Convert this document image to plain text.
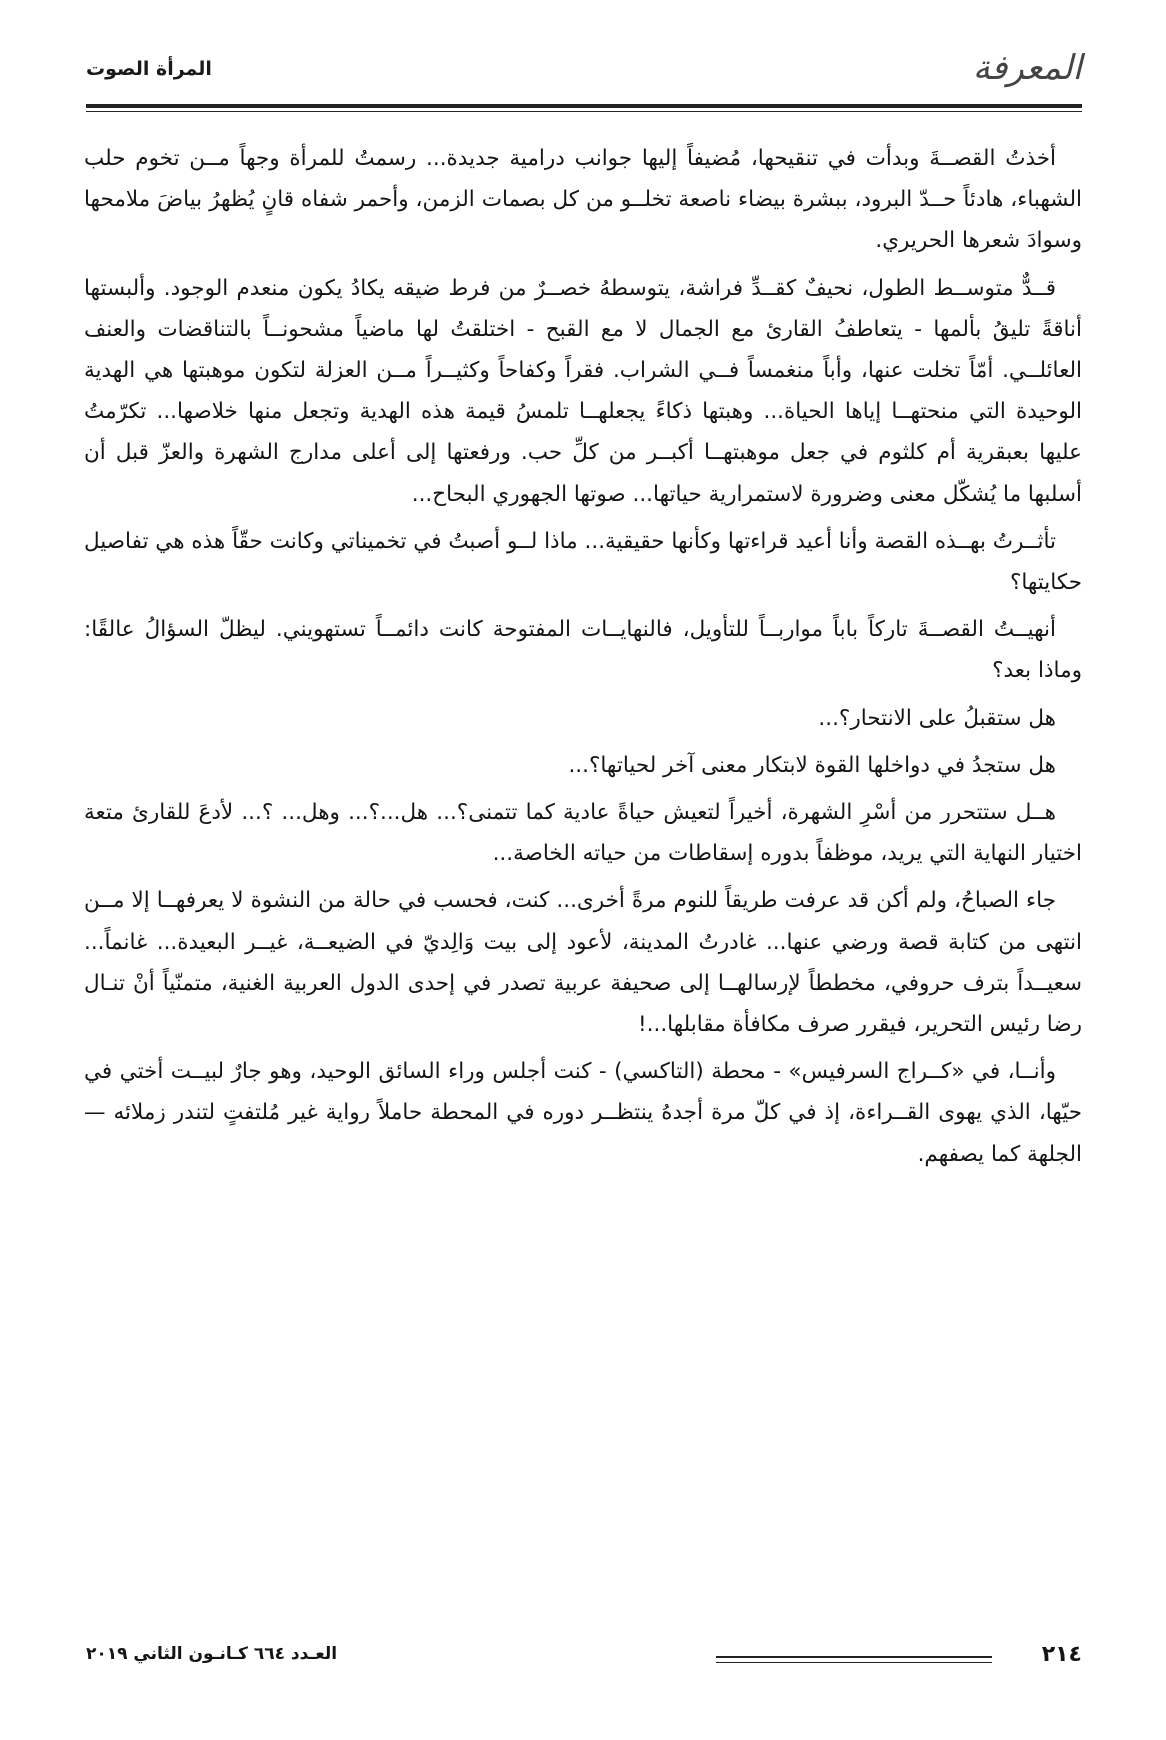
المعرفة
المرأة الصوت

أخذتُ القصــةَ وبدأت في تنقيحها، مُضيفاً إليها جوانب درامية جديدة... رسمتُ للمرأة وجهاً مــن تخوم حلب الشهباء، هادئاً حــدّ البرود، ببشرة بيضاء ناصعة تخلــو من كل بصمات الزمن، وأحمر شفاه قانٍ يُظهرُ بياضَ ملامحها وسوادَ شعرها الحريري.

قــدٌّ متوســط الطول، نحيفٌ كقــدِّ فراشة، يتوسطهُ خصــرٌ من فرط ضيقه يكادُ يكون منعدم الوجود. وألبستها أناقةً تليقُ بألمها - يتعاطفُ القارئ مع الجمال لا مع القبح - اختلقتُ لها ماضياً مشحونــاً بالتناقضات والعنف العائلــي. أمّاً تخلت عنها، وأباً منغمساً فــي الشراب. فقراً وكفاحاً وكثيــراً مــن العزلة لتكون موهبتها هي الهدية الوحيدة التي منحتهــا إياها الحياة... وهبتها ذكاءً يجعلهــا تلمسُ قيمة هذه الهدية وتجعل منها خلاصها... تكرّمتُ عليها بعبقرية أم كلثوم في جعل موهبتهــا أكبــر من كلِّ حب. ورفعتها إلى أعلى مدارج الشهرة والعزّ قبل أن أسلبها ما يُشكّل معنى وضرورة لاستمرارية حياتها... صوتها الجهوري البحاح...

تأثــرتُ بهــذه القصة وأنا أعيد قراءتها وكأنها حقيقية... ماذا لــو أصبتُ في تخميناتي وكانت حقّاً هذه هي تفاصيل حكايتها؟

أنهيــتُ القصــةَ تاركاً باباً مواربــاً للتأويل، فالنهايــات المفتوحة كانت دائمــاً تستهويني. ليظلّ السؤالُ عالقًا: وماذا بعد؟

هل ستقبلُ على الانتحار؟...

هل ستجدُ في دواخلها القوة لابتكار معنى آخر لحياتها؟...

هــل ستتحرر من أسْرِ الشهرة، أخيراً لتعيش حياةً عادية كما تتمنى؟... هل...؟... وهل... ؟... لأدعَ للقارئ متعة اختيار النهاية التي يريد، موظفاً بدوره إسقاطات من حياته الخاصة...

جاء الصباحُ، ولم أكن قد عرفت طريقاً للنوم مرةً أخرى... كنت، فحسب في حالة من النشوة لا يعرفهــا إلا مــن انتهى من كتابة قصة ورضي عنها... غادرتُ المدينة، لأعود إلى بيت وَالِديّ في الضيعــة، غيــر البعيدة... غانماً... سعيــداً بترف حروفي، مخططاً لإرسالهــا إلى صحيفة عربية تصدر في إحدى الدول العربية الغنية، متمنّياً أنْ تنـال رضا رئيس التحرير، فيقرر صرف مكافأة مقابلها...!

وأنــا، في «كــراج السرفيس» - محطة (التاكسي) - كنت أجلس وراء السائق الوحيد، وهو جارٌ لبيــت أختي في حيّها، الذي يهوى القــراءة، إذ في كلّ مرة أجدهُ ينتظــر دوره في المحطة حاملاً رواية غير مُلتفتٍ لتندر زملائه — الجلهة كما يصفهم.

٢١٤
العـدد ٦٦٤ كـانـون الثاني ٢٠١٩
